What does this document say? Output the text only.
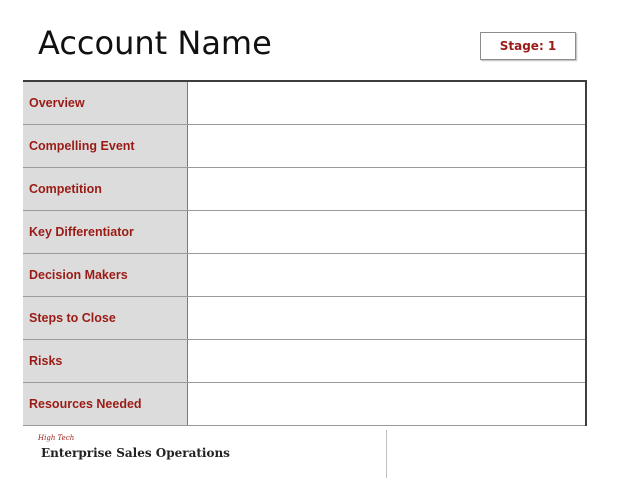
Account Name	Stage: 1
Overview	
Compelling Event	
Competition	
Key Differentiator	
Decision Makers	
Steps to Close	
Risks	
Resources Needed	
High Tech
Enterprise Sales Operations
